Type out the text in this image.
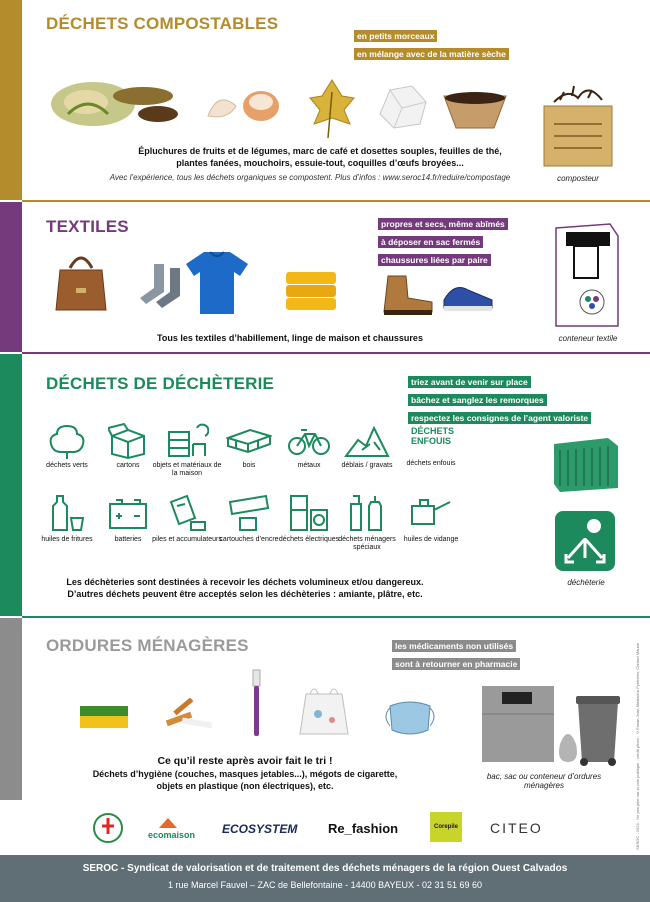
DÉCHETS COMPOSTABLES
en petits morceaux
en mélange avec de la matière sèche
Épluchures de fruits et de légumes, marc de café et dosettes souples, feuilles de thé,
plantes fanées, mouchoirs, essuie-tout, coquilles d’œufs broyées...
Avec l’expérience, tous les déchets organiques se compostent. Plus d’infos : www.seroc14.fr/reduire/compostage	composteur
TEXTILES	propres et secs, même abîmés
à déposer en sac fermés
chaussures liées par paire
Tous les textiles d’habillement, linge de maison et chaussures	conteneur textile
DÉCHETS DE DÉCHÈTERIE	triez avant de venir sur place
bâchez et sanglez les remorques
respectez les consignes de l’agent valoriste
déchets verts	cartons	objets et matériaux de la maison
bois	métaux	déblais / gravats
DÉCHETS ENFOUIS
déchets enfouis
huiles de fritures	batteries	piles et accumulateurs
cartouches d’encre déchets électriques déchets ménagers spéciaux
huiles de vidange
Les déchèteries sont destinées à recevoir les déchets volumineux et/ou dangereux.
D’autres déchets peuvent être acceptés selon les déchèteries : amiante, plâtre, etc.
déchèterie
ORDURES MÉNAGÈRES	les médicaments non utilisés
sont à retourner en pharmacie
Ce qu’il reste après avoir fait le tri !
Déchets d’hygiène (couches, masques jetables...), mégots de cigarette,
objets en plastique (non électriques), etc.
bac, sac ou conteneur d’ordures ménagères
ecomaison ECOSYSTEM Re_fashion	Corepile CITEO	SEROC - 2024 - Ne pas jeter sur la voie publique - crédit photo : ©Erwan Joan-Médiacha Pyrénées, Christel Maurie
SEROC - Syndicat de valorisation et de traitement des déchets ménagers de la région Ouest Calvados
1 rue Marcel Fauvel – ZAC de Bellefontaine - 14400 BAYEUX - 02 31 51 69 60
